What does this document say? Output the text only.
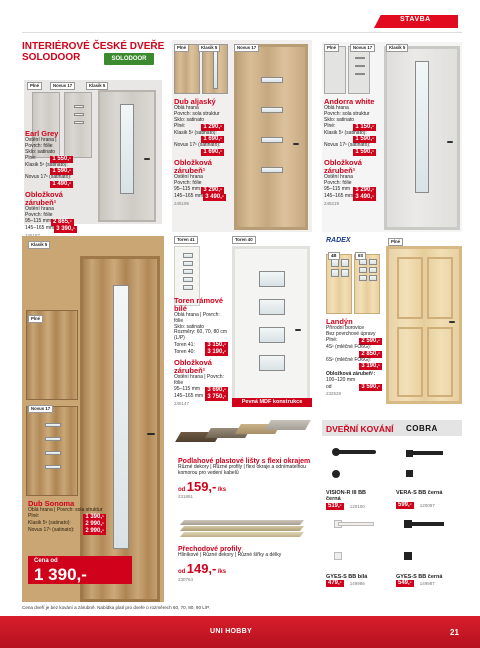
STAVBA
INTERIÉROVÉ ČESKÉ DVEŘE
SOLODOOR	SOLODOOR
Plné	Novus 17	Klasik 5
Earl Grey
Ostění hrana | Povrch: fólie
Sklo: satinato
Plné:	1 550,-
Klasik 5¹ (satinato):
1 590,-
Novus 17¹ (satinato):
1 490,-
Obložková zárubeň¹
Ostění hrana
Povrch: fólie
95–115 mm 2 865,-
145–165 mm 3 390,-
Plné	Klasik 5	Novus 17
Dub aljaský
Oblá hrana
Povrch: sola struktur
Sklo: satinato
Plné:	1 290,-
Klasik 5¹ (satinato):
1 690,-
Novus 17¹ (satinato):
1 690,-
Obložková zárubeň¹
Ostění hrana
Povrch: fólie
95–115 mm 3 290,-
145–165 mm 3 490,-
245195
Plné	Novus 17	Klasik 5
Andorra white
Oblá hrana
Povrch: sola struktur
Sklo: satinato
Plné:	1 150,-
Klasik 5¹ (satinato):
1 590,-
Novus 17¹ (satinato):
1 590,-
Obložková zárubeň¹
Ostění hrana
Povrch: fólie
95–115 mm 3 290,-
145–165 mm 3 490,-
245219
Klasik 5
Plné
Novus 17
Dub Sonoma
Oblá hrana | Povrch: sola struktur
Plné:	1 390,-
Klasik 5¹ (satinato):	2 990,-
Novus 17¹ (satinato):	2 990,-
Cena od
1 390,-
Toren 41	Toren 40
Toren rámové bílé
Oblá hrana | Povrch: fólie
Sklo: satinato
Rozměry: 60, 70, 80 cm
(L/P)
Toren 41:	3 150,-
Toren 40:	3 190,-
Obložková zárubeň¹
Ostění hrana | Povrch: fólie
95–115 mm	3 690,-
145–165 mm 3 750,-
245147	Pevná MDF konstrukce
RADEX
4B	6S
Plné
Landýn
Přírodní borovice
Bez povrchové úpravy
Plné:	2 590,-
4S¹ (mléčné FO6G):
2 850,-
6S¹ (mléčné FO6G):
3 190,-
Obložková zárubeň¹:
100–120 mm
od	3 590,-
232529
Podlahové plastové lišty s flexi okrajem
Různé dekory | Různé profily | flexi okraje a odnímatelnou
komorou pro vedení kabelů
od 159,- /ks
231861
Přechodové profily
Hliníkové | Různé dekory | Různé šířky a délky
od 149,- /ks
230764
DVEŘNÍ KOVÁNÍ COBRA
VISION-R III BB
černá
519,-	120100
VERA-S BB černá
599,-	120097
GYES-S BB bílá
479,-	149986
GYES-S BB černá
549,-	149987
Cena dveří je bez kování a zárubně. Nabídka platí pro dveře o rozměrech 60, 70, 80, 90 L/P.
UNI HOBBY	21
